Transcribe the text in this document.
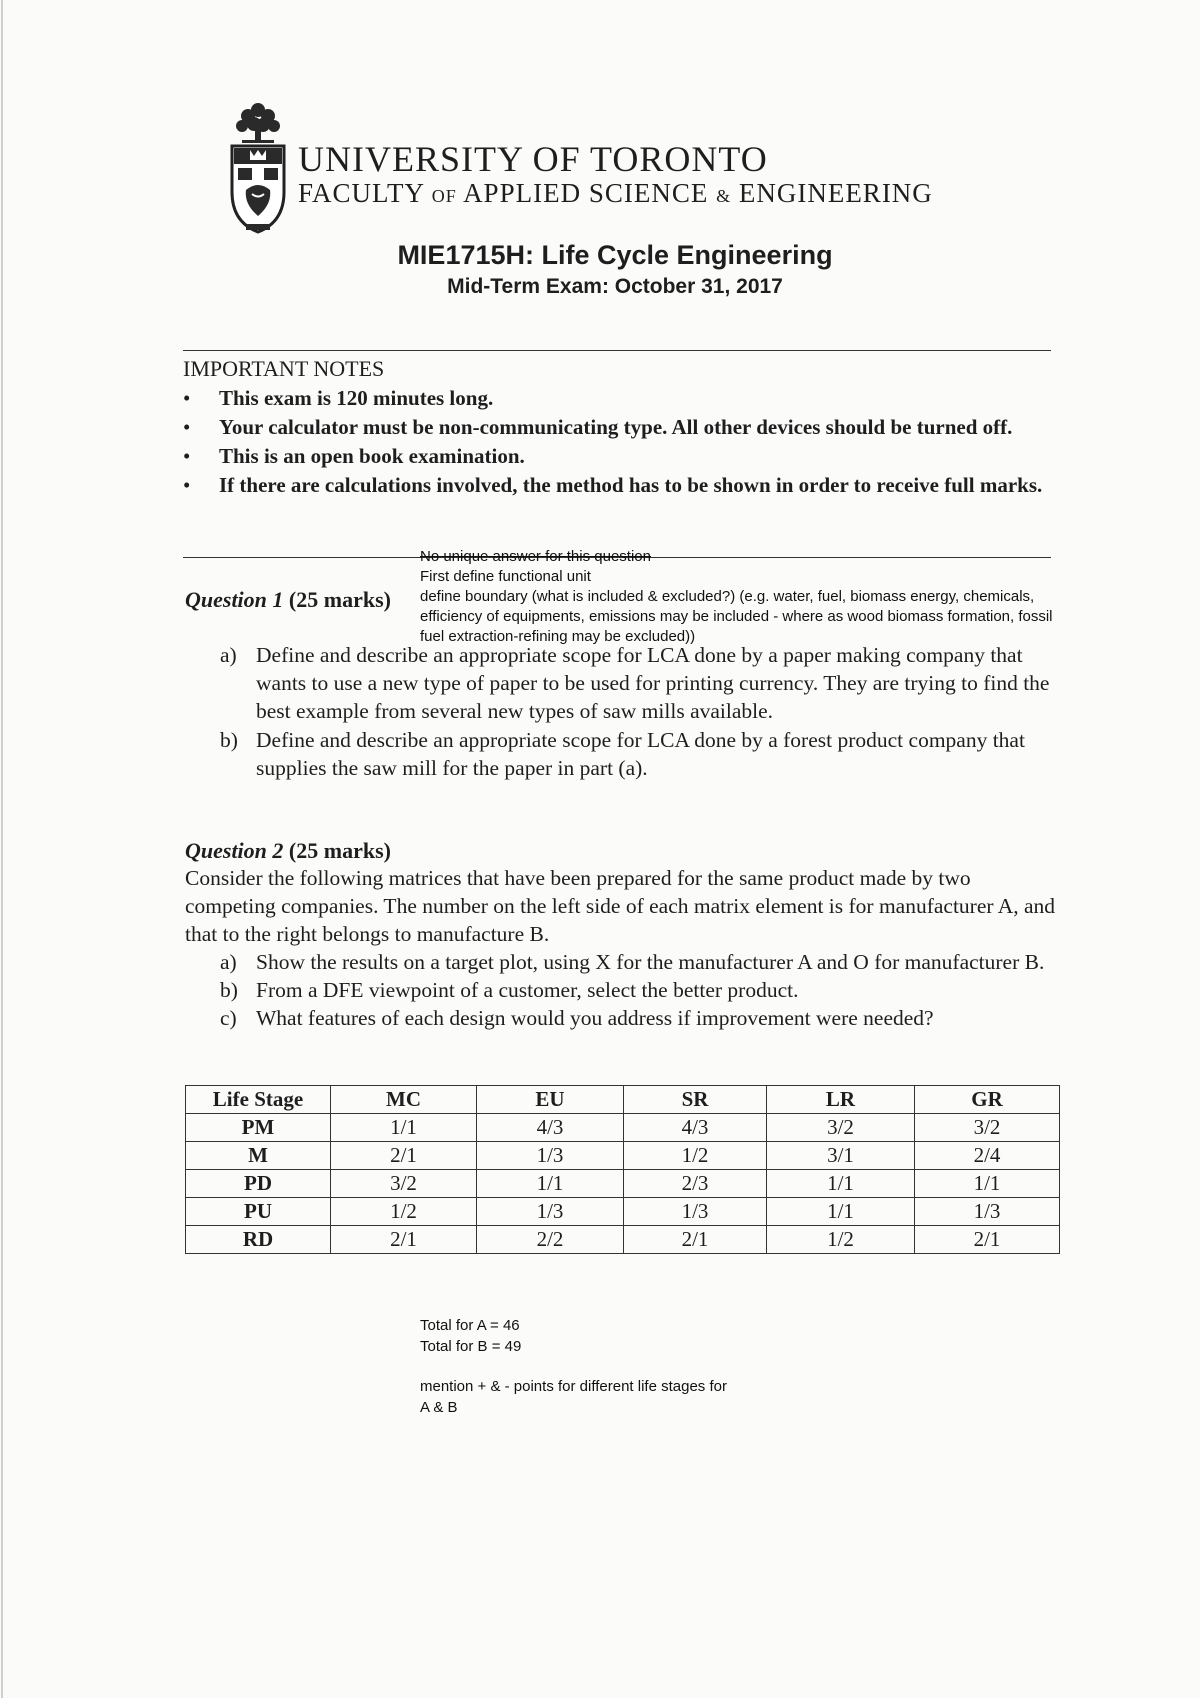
UNIVERSITY OF TORONTO
FACULTY OF APPLIED SCIENCE & ENGINEERING
MIE1715H: Life Cycle Engineering
Mid-Term Exam: October 31, 2017
IMPORTANT NOTES
• This exam is 120 minutes long.
• Your calculator must be non-communicating type. All other devices should be turned off.
• This is an open book examination.
• If there are calculations involved, the method has to be shown in order to receive full marks.
No unique answer for this question
First define functional unit
define boundary (what is included & excluded?) (e.g. water, fuel, biomass energy, chemicals,
efficiency of equipments, emissions may be included - where as wood biomass formation, fossil
fuel extraction-refining may be excluded))
Question 1 (25 marks)
a) Define and describe an appropriate scope for LCA done by a paper making company that wants to use a new type of paper to be used for printing currency. They are trying to find the best example from several new types of saw mills available.
b) Define and describe an appropriate scope for LCA done by a forest product company that supplies the saw mill for the paper in part (a).
Question 2 (25 marks)
Consider the following matrices that have been prepared for the same product made by two competing companies. The number on the left side of each matrix element is for manufacturer A, and that to the right belongs to manufacture B.
a) Show the results on a target plot, using X for the manufacturer A and O for manufacturer B.
b) From a DFE viewpoint of a customer, select the better product.
c) What features of each design would you address if improvement were needed?
Life Stage	MC	EU	SR	LR	GR
PM	1/1	4/3	4/3	3/2	3/2
M	2/1	1/3	1/2	3/1	2/4
PD	3/2	1/1	2/3	1/1	1/1
PU	1/2	1/3	1/3	1/1	1/3
RD	2/1	2/2	2/1	1/2	2/1
Total for A = 46
Total for B = 49
mention + & - points for different life stages for
A & B
